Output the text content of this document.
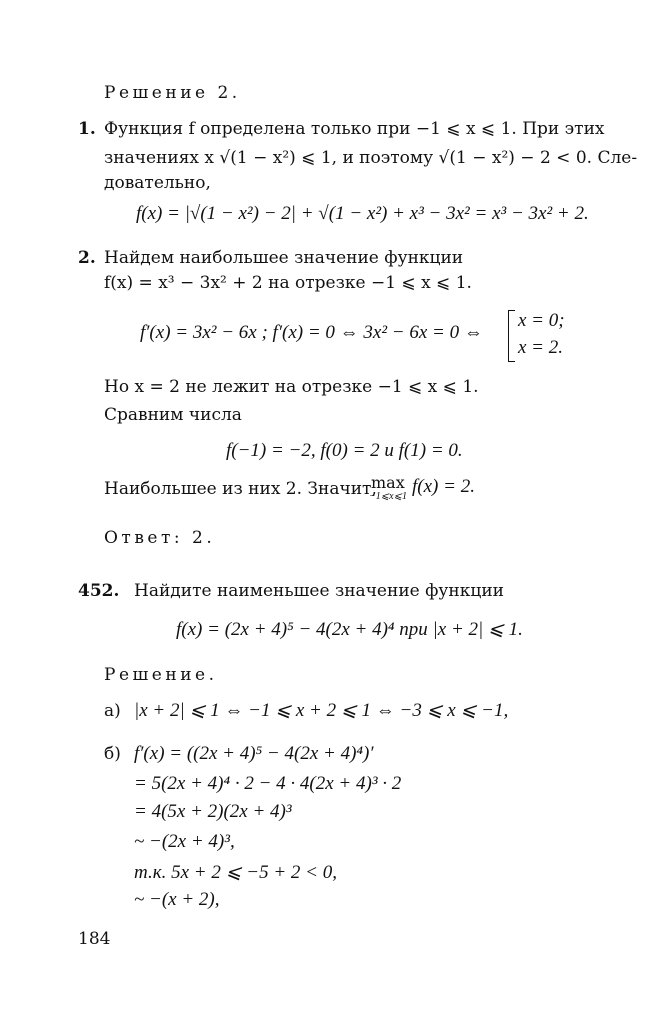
Решение 2.
1. Функция f определена только при −1 ⩽ x ⩽ 1. При этих
значениях x √(1 − x²) ⩽ 1, и поэтому √(1 − x²) − 2 < 0. Сле-
довательно,
f(x) = |√(1 − x²) − 2| + √(1 − x²) + x³ − 3x² = x³ − 3x² + 2.
2. Найдем наибольшее значение функции
f(x) = x³ − 3x² + 2 на отрезке −1 ⩽ x ⩽ 1.
f′(x) = 3x² − 6x ; f′(x) = 0 ⇔ 3x² − 6x = 0 ⇔
x = 0;
x = 2.
Но x = 2 не лежит на отрезке −1 ⩽ x ⩽ 1.
Сравним числа
f(−1) = −2, f(0) = 2 и f(1) = 0.
Наибольшее из них 2. Значит,
max
−1⩽x⩽1 f(x) = 2.
Ответ: 2.
452. Найдите наименьшее значение функции
f(x) = (2x + 4)⁵ − 4(2x + 4)⁴ при |x + 2| ⩽ 1.
Решение.
а) |x + 2| ⩽ 1 ⇔ −1 ⩽ x + 2 ⩽ 1 ⇔ −3 ⩽ x ⩽ −1,
б) f′(x) = ((2x + 4)⁵ − 4(2x + 4)⁴)′
= 5(2x + 4)⁴ · 2 − 4 · 4(2x + 4)³ · 2
= 4(5x + 2)(2x + 4)³
~ −(2x + 4)³,
т.к. 5x + 2 ⩽ −5 + 2 < 0,
~ −(x + 2),
184
